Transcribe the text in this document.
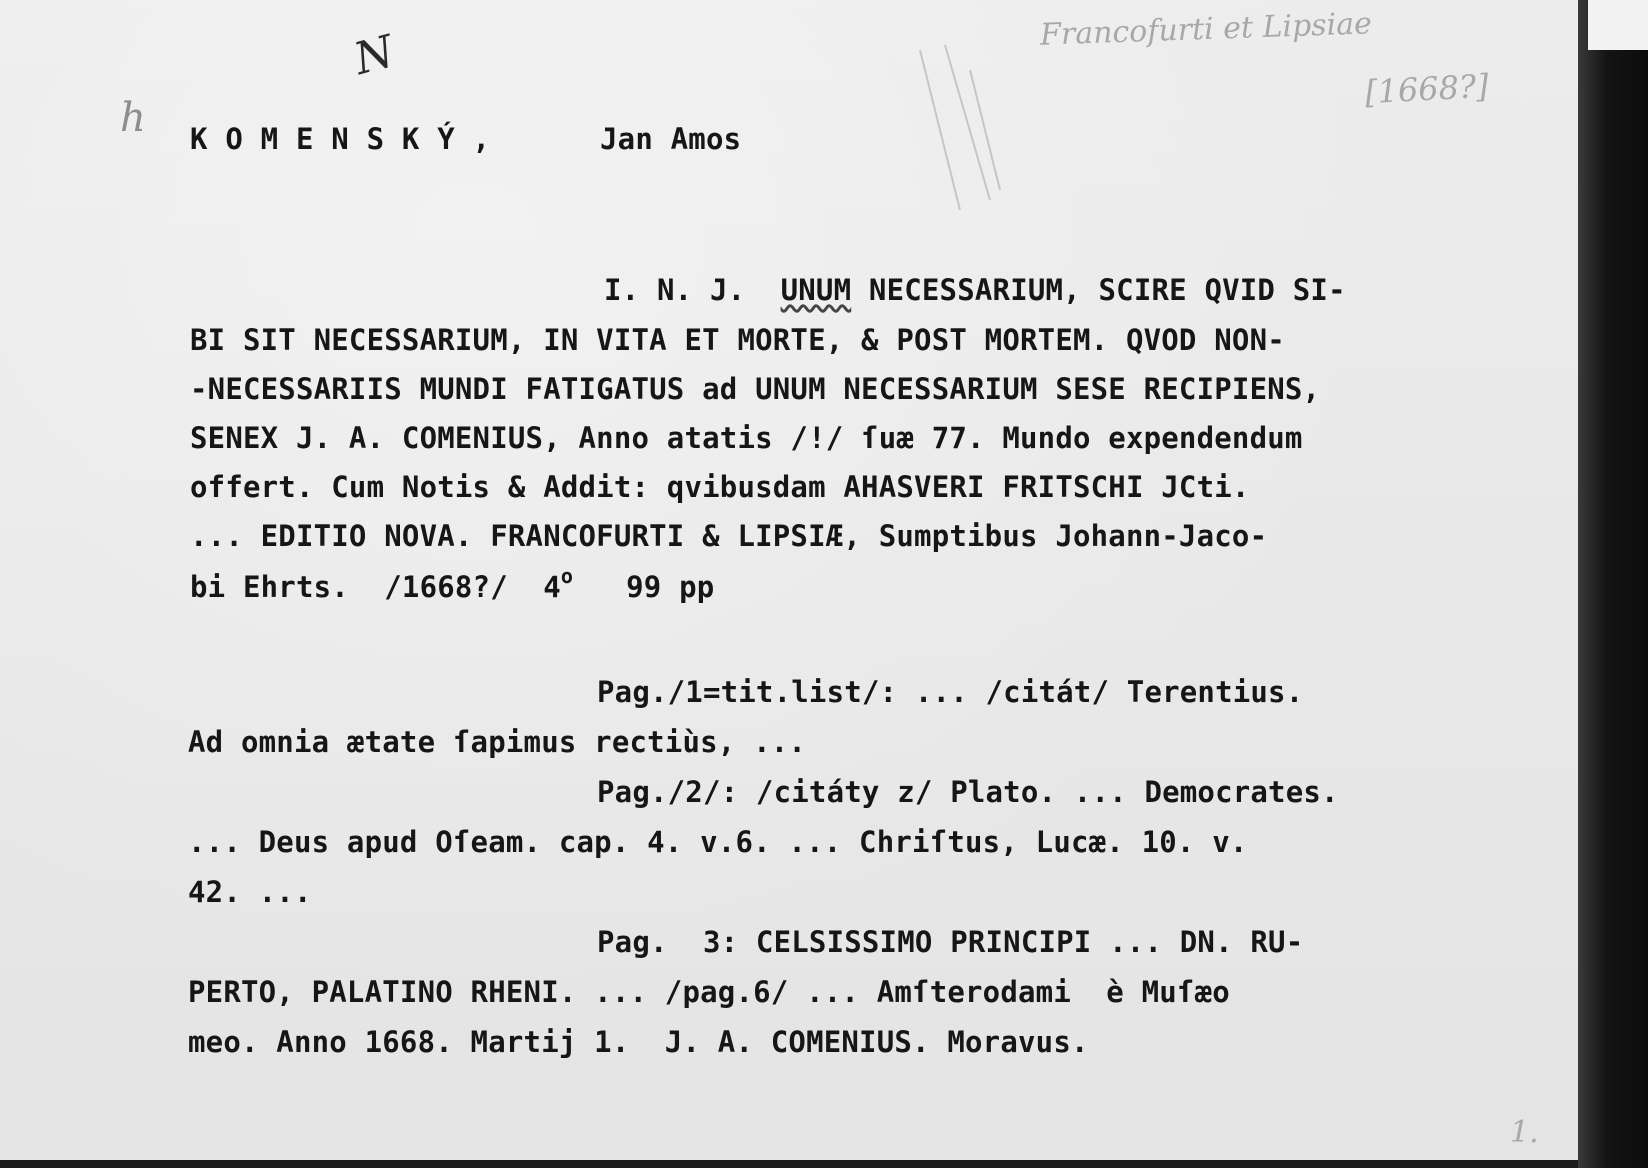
N
h
Francofurti et Lipsiae
[1668?]
1.
K O M E N S K Ý ,	Jan Amos
I. N. J. UNUM NECESSARIUM, SCIRE QVID SI-
BI SIT NECESSARIUM, IN VITA ET MORTE, & POST MORTEM. QVOD NON-
-NECESSARIIS MUNDI FATIGATUS ad UNUM NECESSARIUM SESE RECIPIENS,
SENEX J. A. COMENIUS, Anno atatis /!/ ſuæ 77. Mundo expendendum
offert. Cum Notis & Addit: qvibusdam AHASVERI FRITSCHI JCti.
... EDITIO NOVA. FRANCOFURTI & LIPSIÆ, Sumptibus Johann-Jaco-
bi Ehrts.  /1668?/ 4$^o$ 99 pp
Pag./1=tit.list/: ... /citát/ Terentius.
Ad omnia ætate ſapimus rectiùs, ...
Pag./2/: /citáty z/ Plato. ... Democrates.
... Deus apud Oſeam. cap. 4. v.6. ... Chriſtus, Lucæ. 10. v.
42. ...
Pag.  3: CELSISSIMO PRINCIPI ... DN. RU-
PERTO, PALATINO RHENI. ... /pag.6/ ... Amſterodami  è Muſæo
meo. Anno 1668. Martij 1.  J. A. COMENIUS. Moravus.
